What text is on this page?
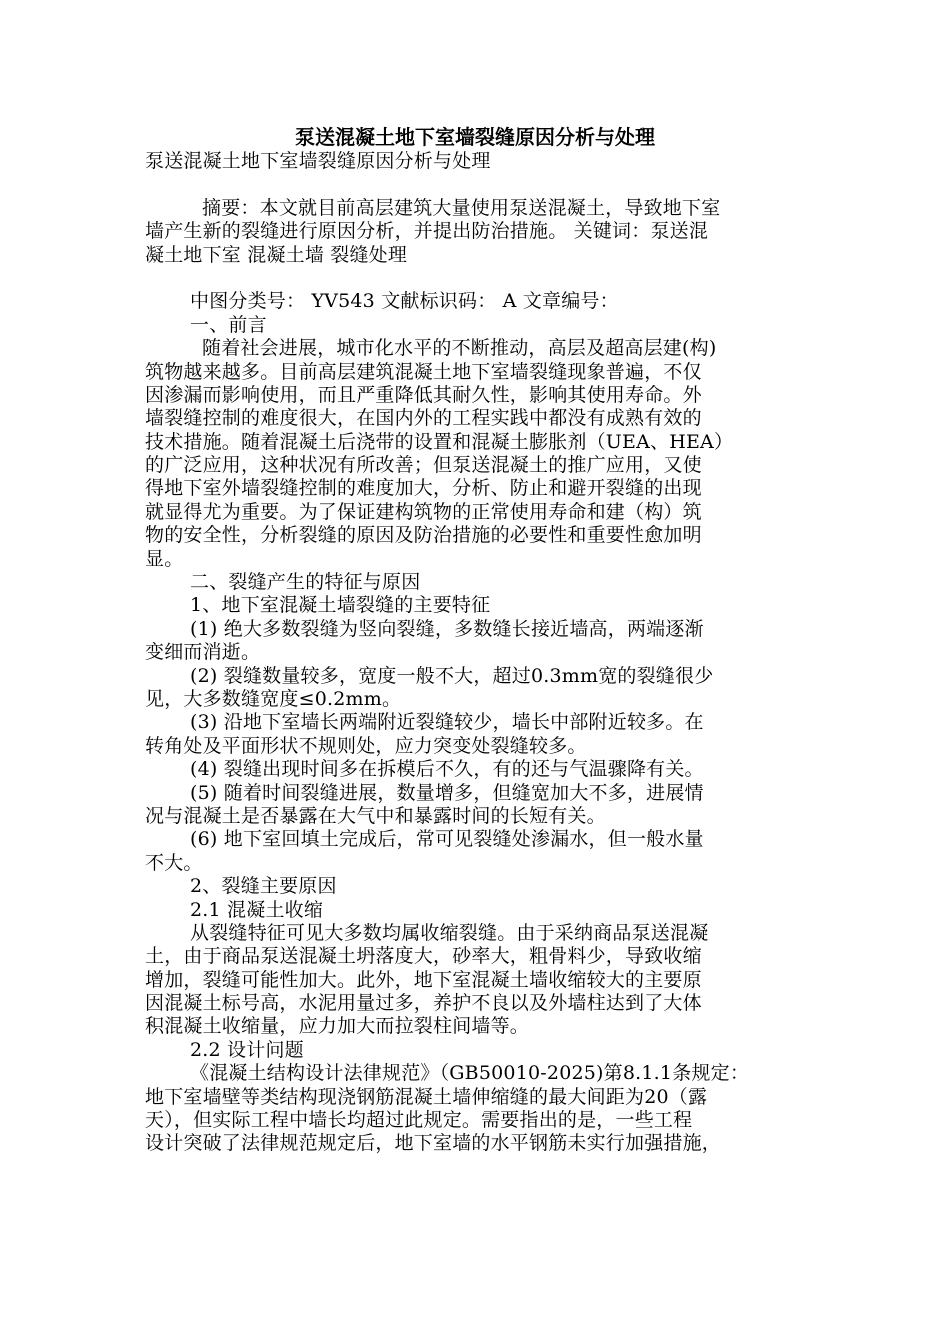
泵送混凝土地下室墙裂缝原因分析与处理
泵送混凝土地下室墙裂缝原因分析与处理
摘要：本文就目前高层建筑大量使用泵送混凝土，导致地下室
墙产生新的裂缝进行原因分析，并提出防治措施。 关键词：泵送混
凝土地下室 混凝土墙 裂缝处理
中图分类号： YV543 文献标识码： A 文章编号：
一、前言
随着社会进展，城市化水平的不断推动，高层及超高层建(构)
筑物越来越多。目前高层建筑混凝土地下室墙裂缝现象普遍，不仅
因渗漏而影响使用，而且严重降低其耐久性，影响其使用寿命。外
墙裂缝控制的难度很大，在国内外的工程实践中都没有成熟有效的
技术措施。随着混凝土后浇带的设置和混凝土膨胀剂（UEA、HEA）
的广泛应用，这种状况有所改善；但泵送混凝土的推广应用，又使
得地下室外墙裂缝控制的难度加大，分析、防止和避开裂缝的出现
就显得尤为重要。为了保证建构筑物的正常使用寿命和建（构）筑
物的安全性，分析裂缝的原因及防治措施的必要性和重要性愈加明
显。
二、裂缝产生的特征与原因
1、地下室混凝土墙裂缝的主要特征
(1) 绝大多数裂缝为竖向裂缝，多数缝长接近墙高，两端逐渐
变细而消逝。
(2) 裂缝数量较多，宽度一般不大，超过0.3mm宽的裂缝很少
见，大多数缝宽度≤0.2mm。
(3) 沿地下室墙长两端附近裂缝较少，墙长中部附近较多。在
转角处及平面形状不规则处，应力突变处裂缝较多。
(4) 裂缝出现时间多在拆模后不久，有的还与气温骤降有关。
(5) 随着时间裂缝进展，数量增多，但缝宽加大不多，进展情
况与混凝土是否暴露在大气中和暴露时间的长短有关。
(6) 地下室回填土完成后，常可见裂缝处渗漏水，但一般水量
不大。
2、裂缝主要原因
2.1 混凝土收缩
从裂缝特征可见大多数均属收缩裂缝。由于采纳商品泵送混凝
土，由于商品泵送混凝土坍落度大，砂率大，粗骨料少，导致收缩
增加，裂缝可能性加大。此外，地下室混凝土墙收缩较大的主要原
因混凝土标号高，水泥用量过多，养护不良以及外墙柱达到了大体
积混凝土收缩量，应力加大而拉裂柱间墙等。
2.2 设计问题
《混凝土结构设计法律规范》（GB50010-2025)第8.1.1条规定：
地下室墙壁等类结构现浇钢筋混凝土墙伸缩缝的最大间距为20（露
天），但实际工程中墙长均超过此规定。需要指出的是，一些工程
设计突破了法律规范规定后，地下室墙的水平钢筋未实行加强措施，
